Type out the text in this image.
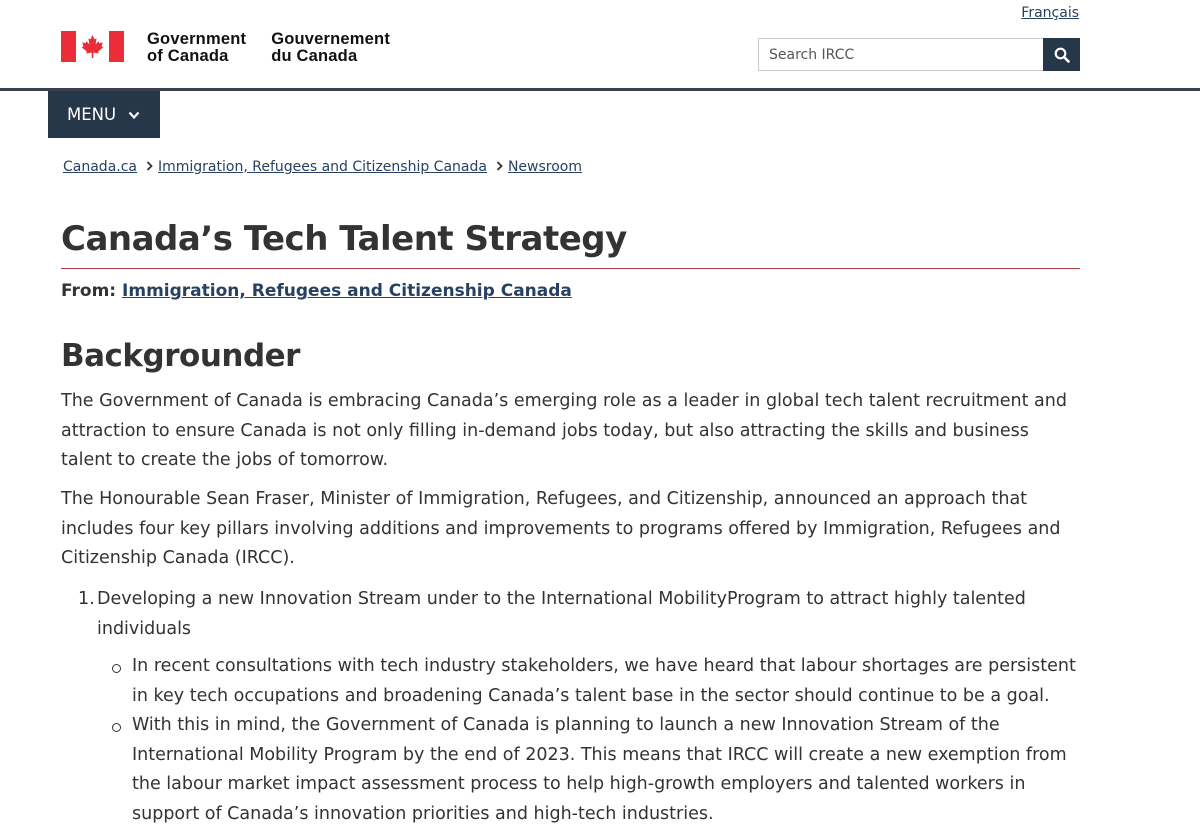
Français
Government
of Canada
Gouvernement
du Canada
Search IRCC
MENU
Canada.ca Immigration, Refugees and Citizenship Canada Newsroom
Canada’s Tech Talent Strategy
From: Immigration, Refugees and Citizenship Canada
Backgrounder

The Government of Canada is embracing Canada’s emerging role as a leader in global tech talent recruitment and attraction to ensure Canada is not only filling in-demand jobs today, but also attracting the skills and business talent to create the jobs of tomorrow.

The Honourable Sean Fraser, Minister of Immigration, Refugees, and Citizenship, announced an approach that includes four key pillars involving additions and improvements to programs offered by Immigration, Refugees and Citizenship Canada (IRCC).

1. Developing a new Innovation Stream under to the International MobilityProgram to attract highly talented individuals
In recent consultations with tech industry stakeholders, we have heard that labour shortages are persistent in key tech occupations and broadening Canada’s talent base in the sector should continue to be a goal.
With this in mind, the Government of Canada is planning to launch a new Innovation Stream of the International Mobility Program by the end of 2023. This means that IRCC will create a new exemption from the labour market impact assessment process to help high-growth employers and talented workers in support of Canada’s innovation priorities and high-tech industries.
